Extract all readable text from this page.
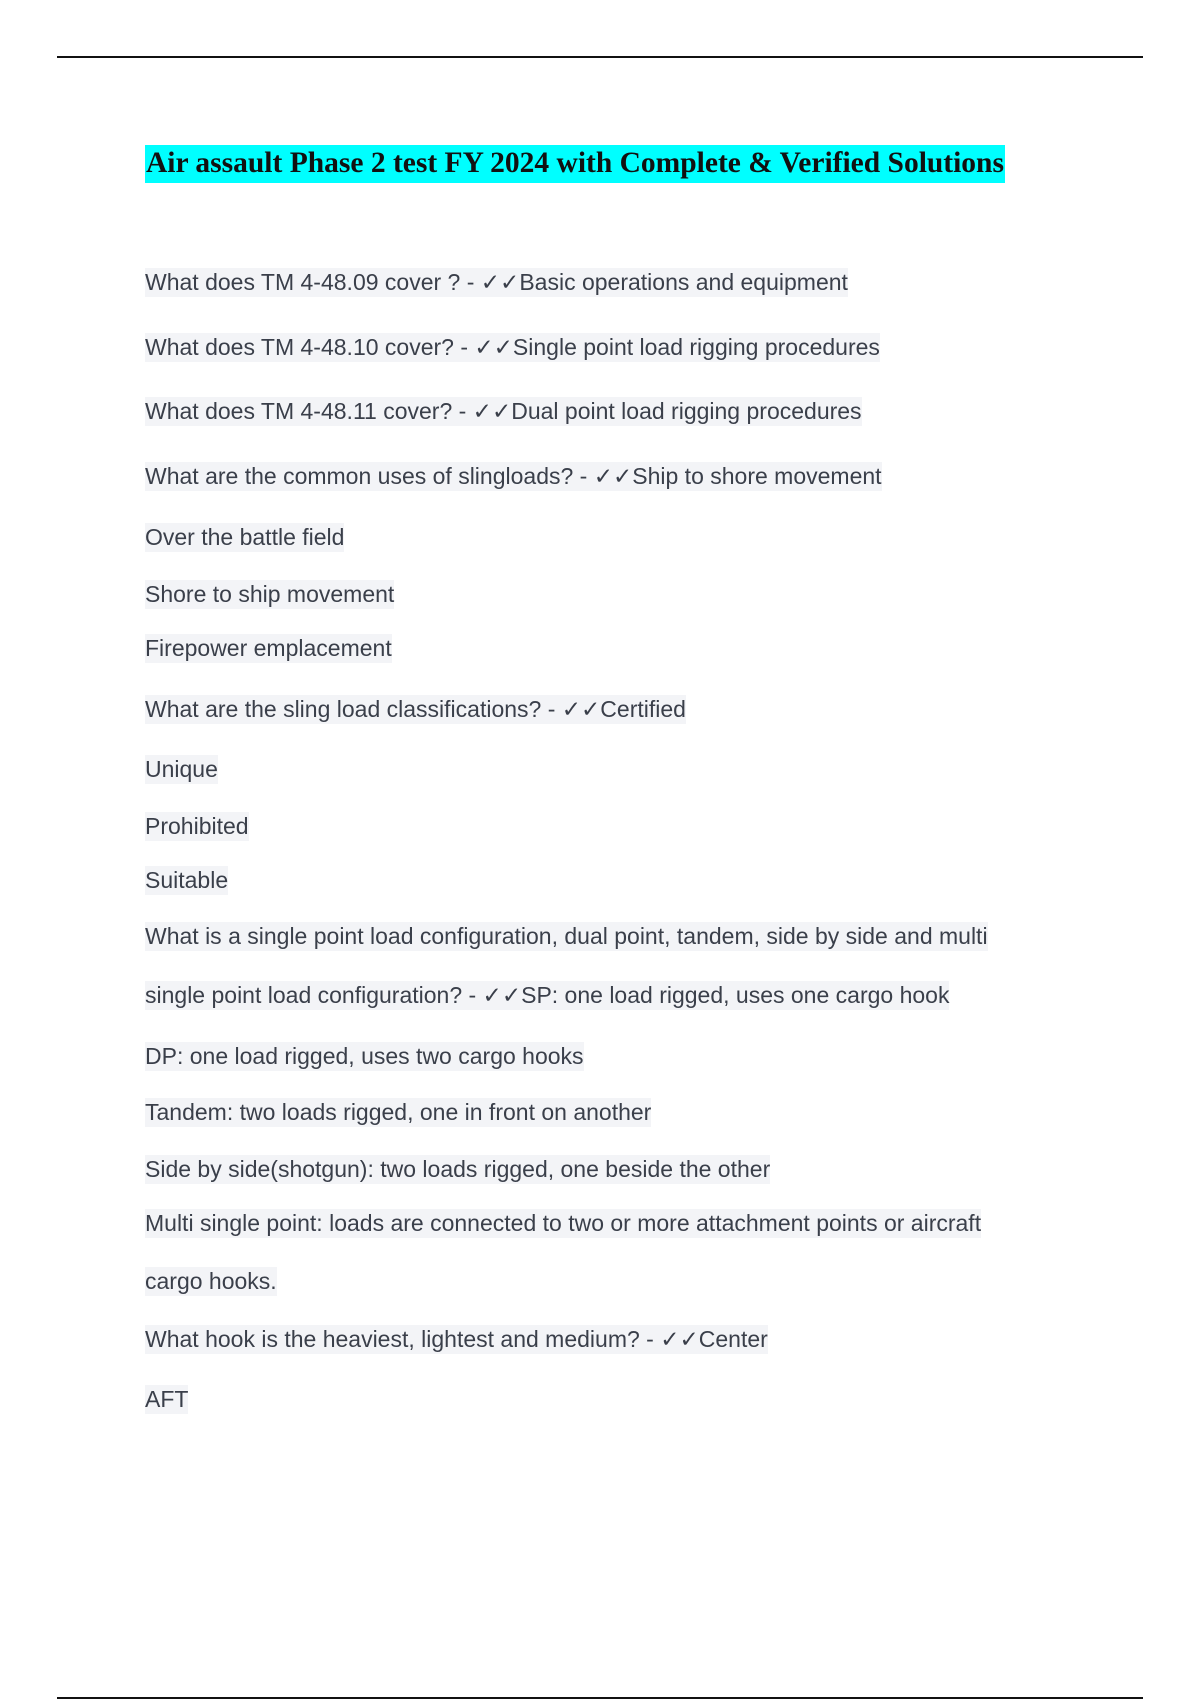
Air assault Phase 2 test FY 2024 with Complete & Verified Solutions
What does TM 4-48.09 cover ? - ✓✓Basic operations and equipment
What does TM 4-48.10 cover? - ✓✓Single point load rigging procedures
What does TM 4-48.11 cover? - ✓✓Dual point load rigging procedures
What are the common uses of slingloads? - ✓✓Ship to shore movement
Over the battle field
Shore to ship movement
Firepower emplacement
What are the sling load classifications? - ✓✓Certified
Unique
Prohibited
Suitable
What is a single point load configuration, dual point, tandem, side by side and multi
single point load configuration? - ✓✓SP: one load rigged, uses one cargo hook
DP: one load rigged, uses two cargo hooks
Tandem: two loads rigged, one in front on another
Side by side(shotgun): two loads rigged, one beside the other
Multi single point: loads are connected to two or more attachment points or aircraft
cargo hooks.
What hook is the heaviest, lightest and medium? - ✓✓Center
AFT
